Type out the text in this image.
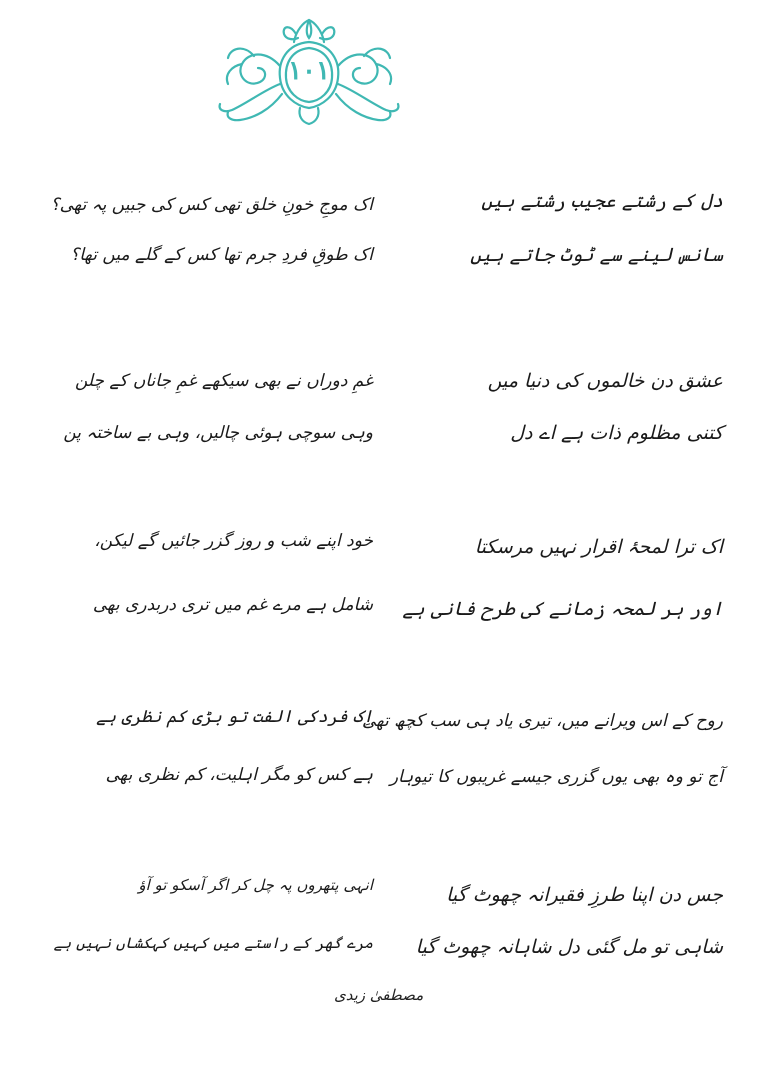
١٠١
دل کے رشتے عجیب رشتے ہیں
سانس لینے سے ٹوٹ جاتے ہیں
اک موجِ خونِ خلق تھی کس کی جبیں پہ تھی؟
اک طوقِ فردِ جرم تھا کس کے گلے میں تھا؟
عشق دن خالموں کی دنیا میں
کتنی مظلوم ذات ہے اے دل
غمِ دوراں نے بھی سیکھے غمِ جاناں کے چلن
وہی سوچی ہوئی چالیں، وہی بے ساختہ پن
اک ترا لمحۂ اقرار نہیں مرسکتا
اور ہر لمحہ زمانے کی طرح فانی ہے
خود اپنے شب و روز گزر جائیں گے لیکن،
شامل ہے مرے غم میں تری دربدری بھی
روح کے اس ویرانے میں، تیری یاد ہی سب کچھ تھی
آج تو وہ بھی یوں گزری جیسے غریبوں کا تیوہار
اِک فردکی الفت تو بڑی کم نظری ہے
ہے کس کو مگر اہلیت، کم نظری بھی
جس دن اپنا طرزِ فقیرانہ چھوٹ گیا
شاہی تو مل گئی دل شاہانہ چھوٹ گیا
انہی پتھروں پہ چل کر اگر آسکو تو آؤ
مرے گھر کے راستے میں کہیں کہکشاں نہیں ہے
مصطفیٰ زیدی
